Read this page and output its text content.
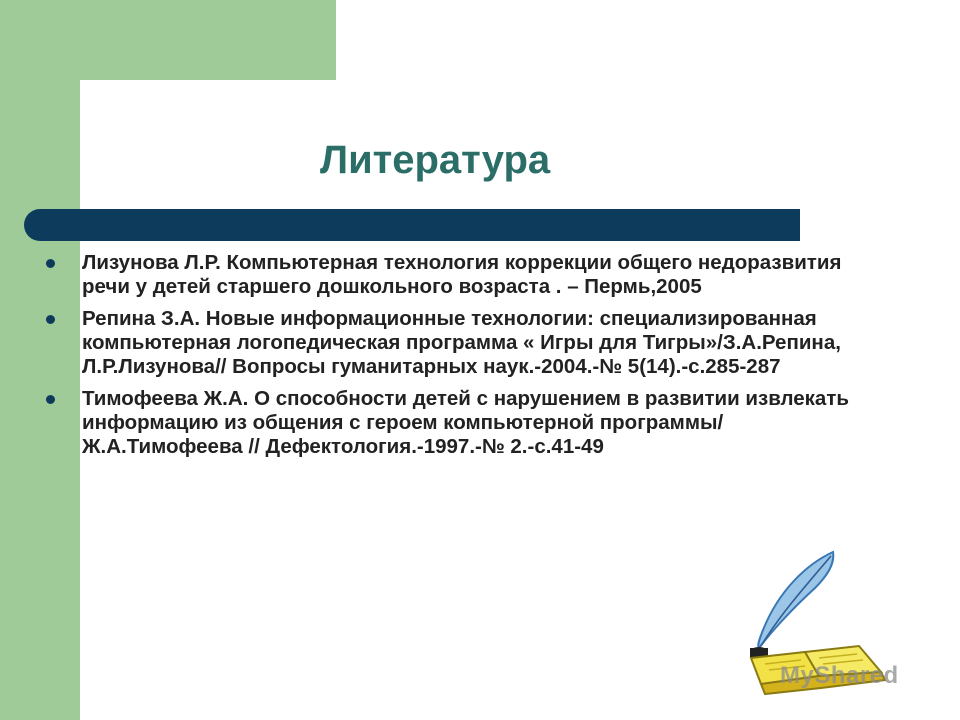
Литература
Лизунова Л.Р. Компьютерная технология коррекции общего недоразвития речи у детей старшего дошкольного возраста . – Пермь,2005
Репина З.А. Новые информационные технологии: специализированная компьютерная логопедическая программа « Игры для Тигры»/З.А.Репина, Л.Р.Лизунова// Вопросы гуманитарных наук.-2004.-№ 5(14).-с.285-287
Тимофеева Ж.А. О способности детей с нарушением в развитии извлекать информацию из общения с героем компьютерной программы/ Ж.А.Тимофеева // Дефектология.-1997.-№ 2.-с.41-49
MyShared
